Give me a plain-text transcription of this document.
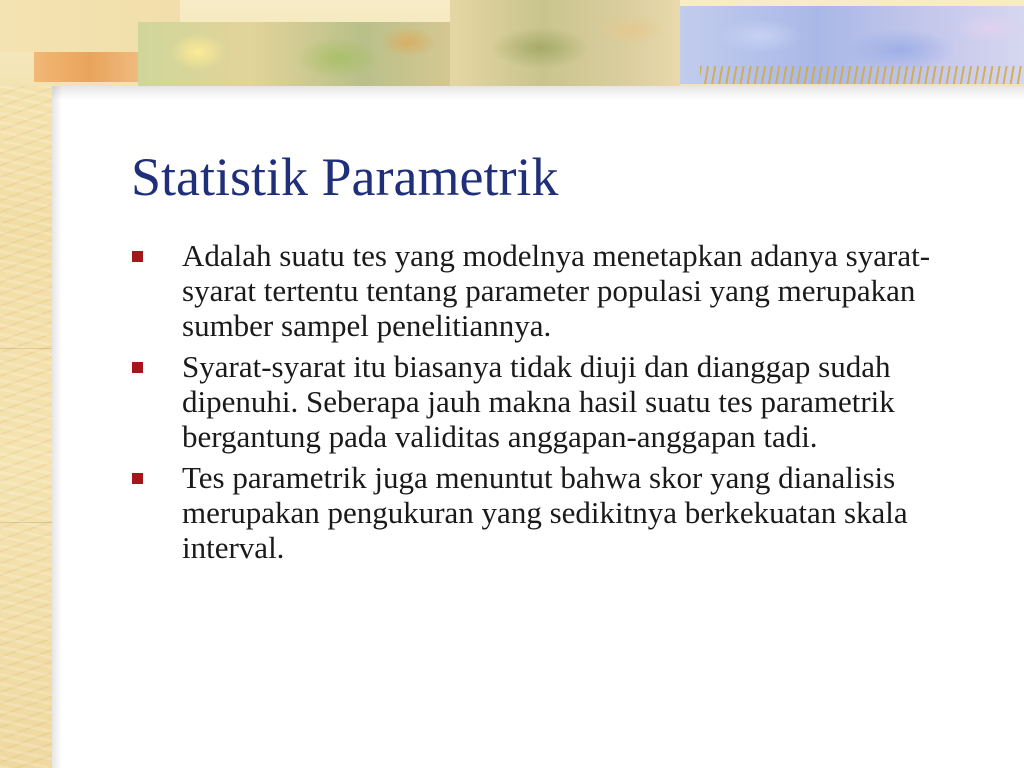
Statistik Parametrik
Adalah suatu tes yang modelnya menetapkan adanya syarat-syarat tertentu tentang parameter populasi yang merupakan sumber sampel penelitiannya.
Syarat-syarat itu biasanya tidak diuji dan dianggap sudah dipenuhi. Seberapa jauh makna hasil suatu tes parametrik bergantung pada validitas anggapan-anggapan tadi.
Tes parametrik juga menuntut bahwa skor yang dianalisis merupakan pengukuran yang sedikitnya berkekuatan skala interval.
